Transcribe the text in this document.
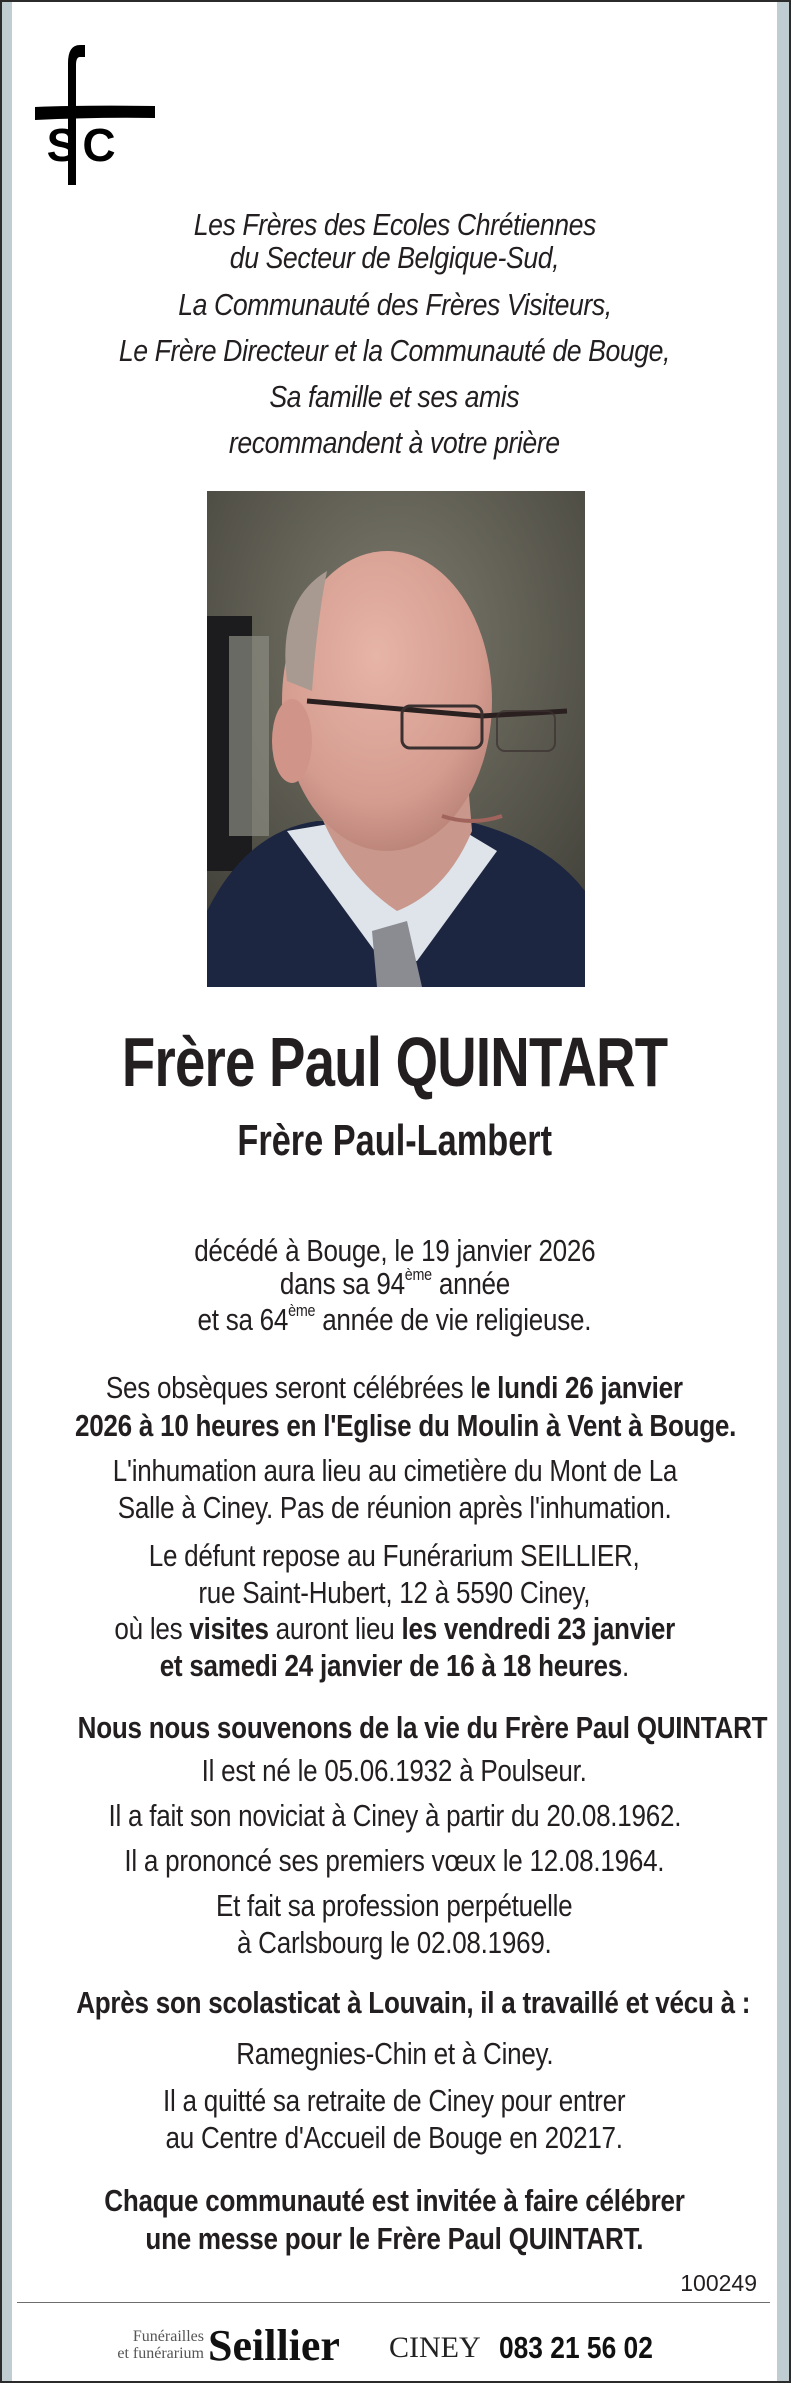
S C
Les Frères des Ecoles Chrétiennes
du Secteur de Belgique-Sud,
La Communauté des Frères Visiteurs,
Le Frère Directeur et la Communauté de Bouge,
Sa famille et ses amis
recommandent à votre prière
Frère Paul QUINTART
Frère Paul-Lambert
décédé à Bouge, le 19 janvier 2026
dans sa 94ème année
et sa 64ème année de vie religieuse.
Ses obsèques seront célébrées le lundi 26 janvier
2026 à 10 heures en l'Eglise du Moulin à Vent à Bouge.
L'inhumation aura lieu au cimetière du Mont de La
Salle à Ciney. Pas de réunion après l'inhumation.
Le défunt repose au Funérarium SEILLIER,
rue Saint-Hubert, 12 à 5590 Ciney,
où les visites auront lieu les vendredi 23 janvier
et samedi 24 janvier de 16 à 18 heures.
Nous nous souvenons de la vie du Frère Paul QUINTART
Il est né le 05.06.1932 à Poulseur.
Il a fait son noviciat à Ciney à partir du 20.08.1962.
Il a prononcé ses premiers vœux le 12.08.1964.
Et fait sa profession perpétuelle
à Carlsbourg le 02.08.1969.
Après son scolasticat à Louvain, il a travaillé et vécu à :
Ramegnies-Chin et à Ciney.
Il a quitté sa retraite de Ciney pour entrer
au Centre d'Accueil de Bouge en 20217.
Chaque communauté est invitée à faire célébrer
une messe pour le Frère Paul QUINTART.
100249
Funérailles
et funérarium Seillier CINEY 083 21 56 02
